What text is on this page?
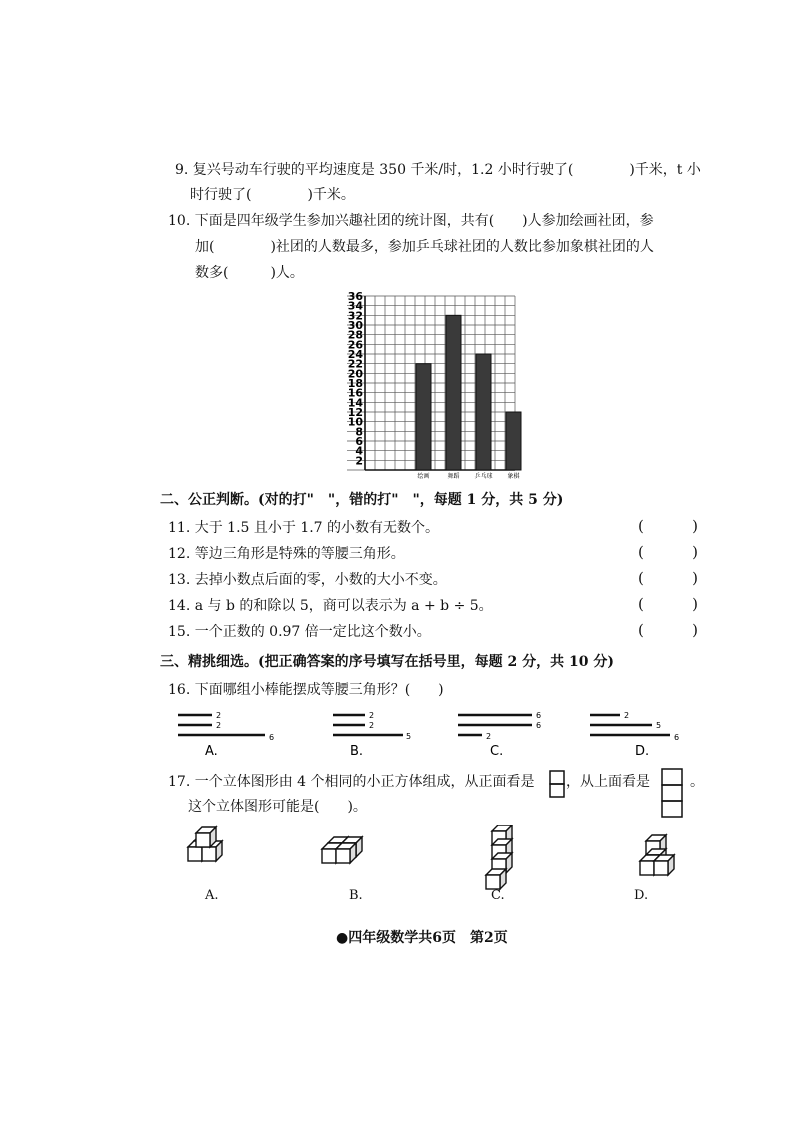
9. 复兴号动车行驶的平均速度是 350 千米/时，1.2 小时行驶了(　　　　)千米，t 小
时行驶了(　　　　)千米。
10. 下面是四年级学生参加兴趣社团的统计图，共有(　　)人参加绘画社团，参
加(　　　　)社团的人数最多，参加乒乓球社团的人数比参加象棋社团的人
数多(　　　)人。
2
4
6
8
10
12
14
16
18
20
22
24
26
28
30
32
34
36
绘画	舞蹈 乒乓球 象棋
二、公正判断。(对的打"　"，错的打"　"，每题 1 分，共 5 分)
11. 大于 1.5 且小于 1.7 的小数有无数个。	(	)
12. 等边三角形是特殊的等腰三角形。	(	)
13. 去掉小数点后面的零，小数的大小不变。	(	)
14. a 与 b 的和除以 5，商可以表示为 a + b ÷ 5。	(	)
15. 一个正数的 0.97 倍一定比这个数小。	(	)
三、精挑细选。(把正确答案的序号填写在括号里，每题 2 分，共 10 分)
16. 下面哪组小棒能摆成等腰三角形？(　　)
2
2
6
A.
2
2
5
B.
6
6
2
C.
2
5
6
D.
17. 一个立体图形由 4 个相同的小正方体组成，从正面看是 ，从上面看是	。
这个立体图形可能是(　　)。
A.	B.	C.	D.
●四年级数学共6页　第2页
